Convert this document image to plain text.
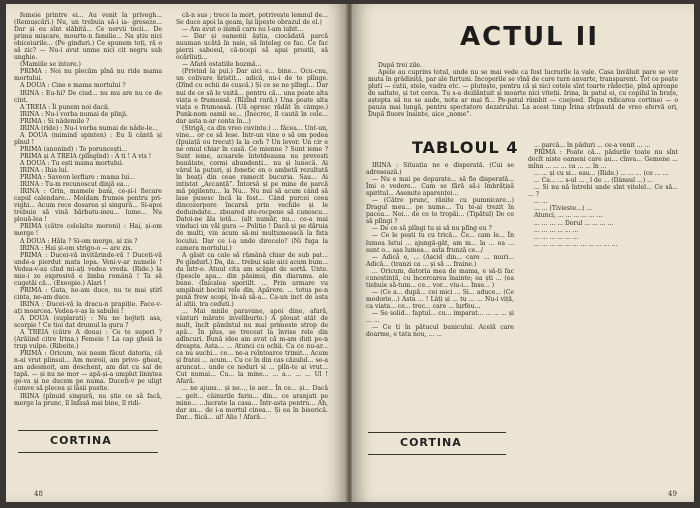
femeie printre ei... Au venit la privegh... (Remușcări.) Nu, un trebuia să-i ia- greseze... Dar și eu sînt slăbită... Ce nervii tocii... De prima mișcare, mourte-n familie... Na știu nici obiceiurile... (Pe ginduri.) Ce spunem toți, ră o să zic? — Nu-i avut unme nici cit negru sub unghie.

(Mamiile se intore.)

PRIMA : Noi nu plecăm pînă nu ride mama mortului.

A DOUA : Cine e mama mortului ?

IRINA : Eu-hi? De ciud... nu mu are nu ce de cint.

A TREIA : Îi punem noi dacii.

IRINA : Nu-i vorba numai de plinji.

PRIMA : Si nădemile ?

IRINA (ride) : Nu-i vorba numai de năde-le...

A DOUA (mimind spinten) : Eu îi cântă și pînul !

PRIMA (anonind) : Te poruncești...

PRIMA și A TREIA (plîngînd) : A ti ! A vis !

A DOUA : Tu ești mama mortului.

IRINA : Ihia lui.

PRIMA : Saveon lerflare : mama lui...

IRINA : Tu-m recunoscut dinjă ea...

IRINA : Grin, mamele bani, ce-și-i fiecare capul calendare... Moldam frumos pentru pri-vighi... Acum rece dosarea și singură... Si-apoi trebuie să vină bărbatu-meu... lume... Nu plouă-lea !

PRIMA (către celelalte moroni) : Hai, și-om merge !

A DOUA : Hăla ? Si-om merge, ai zis ?

IRINA : Hai și-om strigo-o — are zis.

PRIMA : Ducei-vă invitărinde-vă ! Duceți-vă unde-a pierdut mata lopa. Veni-v-ar numele ! Vedea-v-aș cînd mi-ați vedea vreda. (Ride.) la mie-i ze expresivă e limba română ! Ta să cugetăi că... (Exeopie.) Alari !

PRIMA : Gata, ne-am duce, nu te mai știrî cinta, ne-am duce.

IRINA : Ducei-vă la dracu-n prapiție. Face-v-ați moarcea. Vedea-v-aș la sabulei !

A DOUA (suplarati) : Nu ne bojteți asa, scorpie ! Ce tioi dat drumul la gura ?

A TREIA (către A doua) : Ce te superi ? (Arăiind citre Irina.) Femeie ! La cap gheiă la trup vulpe. (Ribeite.)

PRIMA : Oricum, noi neam făcut datoria, că n-ai vrut plinsul... Am moroii, am privo- gheat, am adesmoit, am deschent, am dat cu sal de tapă. — și nu ne mor — apă-și-a umplut liniștea ge-va și ne ducem pe numa. Duceți-v pe uligt cumve să plecea și lâsii pustie.

IRINA (pînuid singură, nu știe ce să facă, merge la prunc, îl înfașă mai bine, îl ridi-

că-n sus ; trece la mort, potrivește lemnul de... Se duce apoi la geam, își lipește obrazul de el.)

— Am avut o inimă carn nu l-am iubit...

— Dar și oamenii ăștia, ciocădată parcă nuuman ucătă în naie, să înțeleg ce fac. Ce fac pierzi sabosul, că-ncepi să apui prostii, să ocărîiuți...

— Afară ostatiile bozmă...

(Privind la pui.) Dar aici e... bine... Ocu-cnu, un colivare hristit... adică, nu-i de te plînge. (Dînd cu ochii de cușcă.) Și ce se ne plîngi... Dar nui de ce să le vaită... pentru că... una poate alta viața e frumoasă. (Rîzînd rară.) Una poate alta viața e frumoasă. (Uă opresc rădăt în câmpe.) Punk-nom oamii se... (Înecrec, îl caută în cele... dar asta n-ar conta în...)

(Strigă, ca din vreo cuvinte.) ... făcea... Unt-un, vine... or ce să lese. Intr-un vine o să om podea (Ipuiață ou trecut) la la ceh ? Un levor. Un cir e ne omul chiar în casă. Ce mienne ? Sunt ieme ? Sunt ieme, acuarele întotdeauna nu prevesti bunătate, cormi abundenți... nu și lunecă. Ai vârul la puțuri, și fonetic en o ambetă rezultată în beați din ceae ramecit bucuria. Sau... Ai intistat „Accanță”. Întorsă și pe mine de parcă mă pigilentu... la Nu... Nu nui să acum când să lase pusesc încă la fost... Când purcei ceea dincozerpore încarsă prin vechile și le deduindate... zboared ste-rocpene să cunoscu... Datoi-ne ăla iotă... (alt număr, nu... ce-a mai vinduci un văl gura — Politio ! Dacă și pe dăruia de multi, vin acum să-mi mulțumească la fața locului. Dar ce i-a unde direcelo? (Ni fuga la camera mortului.)

A găsit ca cale să rămână chiar de sub pat... Pe gindurl.) Da, da... trebui sale aici acum bum... da într-o. Atuul cita am scăpat de sortă. Unte. (Ipescle apa... din păsimsi, din diaramu. ale bune. (Înicaloa sporiilt. ... Prin urmare vu umpibuit bocini rele din, Apărere. ... totuș pe-n pună frew scopi, în-să să-a... Ca-un inct de asta al alții, tra ceduti.)

... Mai mnile paravane, apoi dine, afară, vânturi mârate inveliburte.) A plouat atât de mult, încît pămîntul nu mai primeste strop de apă... În plus, se treceat la învise rele din adîncuri. Bună idee am avut că m-am duți pe-n dreapta. Asta... ... Atunci cu ochii. Ca ce nu-ar... ca nu auchi... ce... ne-a reîntoarce trimit... Acum și fratei ... acum... Cu ce în din cas căzulul... se-a aruncat... unde ce noduri si ... plîn-te ai vrut... Cut numai... Cu... la mine... ... a... ... ... Ul ! Afară.

... ne ajuns... și ne..., le aer... În ce... și... Dacă ... gelt... câinurile fariu... din... ce aranjati pe mine... ...lucrate la casa... Într-asta pentru... Ah, dar au... de i-a mortul cinea... Și ea în biserică. Dar... fiică... ul! Alis ! Afară...

CORTINA
48
ACTUL II

După trei zile.

Apele au cuprins totul, unde nu se mai vede ca fost lucrurile la vale. Casa învăluit pare se vor muta în grădiniță, par ale furtuni. Incoperile se vînă de care turn anvarte, transparent. Tot ce poate pluti — cutii, stele, vadra etc. — plutește, pentru că și nici cotele sînt toarte rădecție, pînă aproape de saltate, și tot cerca. Tu s-a dezlănțuit și moarte nici viteții. Irina, în patul ei, cu copilul în brațe, aștepta să nu se aude, nota ar mai fi... Pe-patul râmbit — cuejoed. Dupa ridicarea cortinei — o pauza mai lungă, pentru spectatore dezatrului. La acest timp Irina strînsută de vreo efervă ori, După fluore înainte, aice „nome”.

TABLOUL 4

IRINA : Situația ne e disperată. (Cui se adresează.)

— Nu e mai pe deparate... să fie disperată... Îmi o vedere... Cam se fără să-i îmbrățișă spiritul... Asemite aparenței...

— (Câtre prunc, rănite cu pumnicare...) Dragul meu... pe nume... Tu te-ai trezit în pacea... Noi... de ce te tropăi... (Tipătul) De ce să plîngi ?

— De ce să plîngi tu și să nu plîng eu ?

— Ce le pești tu cu trică... Ce... cam le... În lumea lutui ... ajungă-gât, am m... la ... ea ... sunt o... așa lumea... asta frunză ce.../

— Adică e, ... (Ascid din... care ... muri... Adică... (tranzi ca ... și să ... fraine.)

... Oricum, datoria mea de mama, e să-ți fac cunoștință, cu încercarea înainte; ea ști ... (ea tiebuie să-tum... ce... vor... viu-i... Inse... )

— (Ce a... după... cei mici ... Si... aduce... (Ce modorie...) Asta ... ! Lâți și ... tu ... ... Nu-i viță, ca viata... ce... trec... care ... lurfeu...

— Se solid... faptul... cu... imparat... ... ... ... și ... ...

— Ce ți în pătucul bunicului. Acelă care doarme, e tata nou, ... ...

... parcă... în păduri ... ce-a venit ... ...

PRIMA : Poate că... pădurile toate nu sînt decît niste oameni care au... cînva... Gemene ... mîna ... ... ... ca ... ... în ...

... ... și cu si... eau... (Ride.) ... ... ... (ce ... ...

... Ca... ... s-ul ... , l de ... (Dânsul ...) ...

... Si nu nă întrebi unde sînt vitelel... Ce să... ... ?

... ...

... ... (Tivieste...) ...

Atunci, ... ... ... ... ... ...

... ... ... ... Dorul ... ... ... ...

... ... ... ... ... ...

... ... ... ... ... ...

... ... ... ... ... ... ... ... ... ... ...

CORTINA
49
